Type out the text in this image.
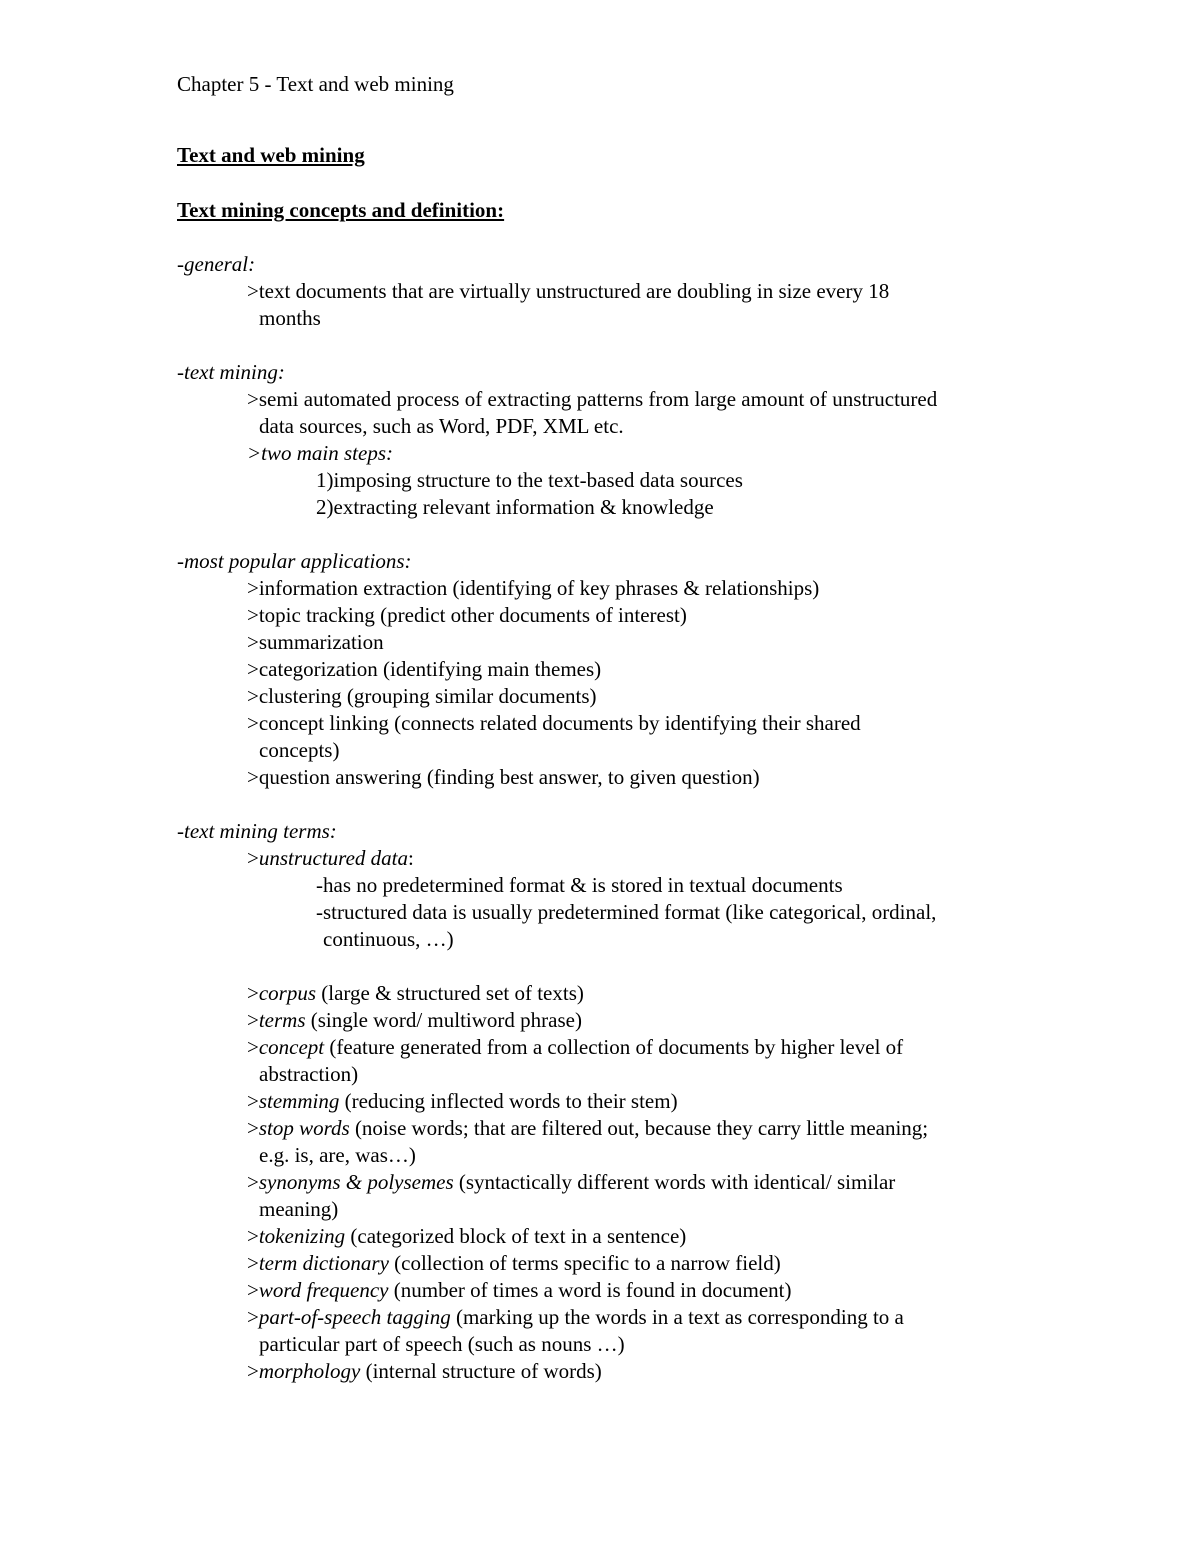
Chapter 5 - Text and web mining
Text and web mining
Text mining concepts and definition:
-general:
>text documents that are virtually unstructured are doubling in size every 18
months
-text mining:
>semi automated process of extracting patterns from large amount of unstructured
data sources, such as Word, PDF, XML etc.
>two main steps:
1)imposing structure to the text-based data sources
2)extracting relevant information & knowledge
-most popular applications:
>information extraction (identifying of key phrases & relationships)
>topic tracking (predict other documents of interest)
>summarization
>categorization (identifying main themes)
>clustering (grouping similar documents)
>concept linking (connects related documents by identifying their shared
concepts)
>question answering (finding best answer, to given question)
-text mining terms:
>unstructured data:
-has no predetermined format & is stored in textual documents
-structured data is usually predetermined format (like categorical, ordinal,
continuous, …)
>corpus (large & structured set of texts)
>terms (single word/ multiword phrase)
>concept (feature generated from a collection of documents by higher level of
abstraction)
>stemming (reducing inflected words to their stem)
>stop words (noise words; that are filtered out, because they carry little meaning;
e.g. is, are, was…)
>synonyms & polysemes (syntactically different words with identical/ similar
meaning)
>tokenizing (categorized block of text in a sentence)
>term dictionary (collection of terms specific to a narrow field)
>word frequency (number of times a word is found in document)
>part-of-speech tagging (marking up the words in a text as corresponding to a
particular part of speech (such as nouns …)
>morphology (internal structure of words)
